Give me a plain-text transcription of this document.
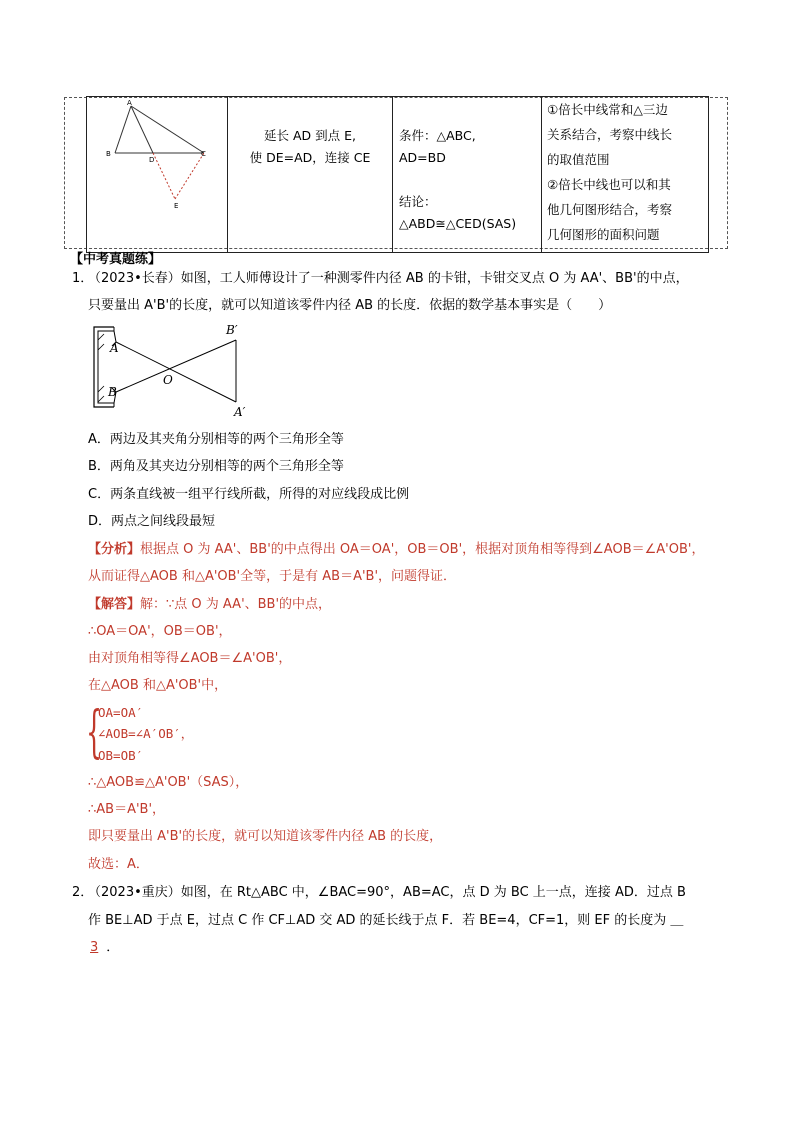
A
B
D
C
E

延长 AD 到点 E,
使 DE=AD，连接 CE

条件：△ABC,
AD=BD
结论：
△ABD≅△CED(SAS)

①倍长中线常和△三边
关系结合，考察中线长
的取值范围
②倍长中线也可以和其
他几何图形结合，考察
几何图形的面积问题
【中考真题练】
1．
（2023•长春）如图，工人师傅设计了一种测零件内径 AB 的卡钳，卡钳交叉点 O 为 AA'、BB'的中点，
只要量出 A'B'的长度，就可以知道该零件内径 AB 的长度．依据的数学基本事实是（　　）
A
B
O
B′
A′
A．两边及其夹角分别相等的两个三角形全等
B．两角及其夹边分别相等的两个三角形全等
C．两条直线被一组平行线所截，所得的对应线段成比例
D．两点之间线段最短
【分析】根据点 O 为 AA'、BB'的中点得出 OA＝OA'，OB＝OB'，根据对顶角相等得到∠AOB＝∠A'OB'，
从而证得△AOB 和△A'OB'全等，于是有 AB＝A'B'，问题得证．
【解答】解：∵点 O 为 AA'、BB'的中点，
∴OA＝OA'，OB＝OB'，
由对顶角相等得∠AOB＝∠A'OB'，
在△AOB 和△A'OB'中，
{
OA=OA′
∠AOB=∠A′OB′，
OB=OB′
∴△AOB≌△A'OB'（SAS），
∴AB＝A'B'，
即只要量出 A'B'的长度，就可以知道该零件内径 AB 的长度，
故选：A．
2．
（2023•重庆）如图，在 Rt△ABC 中，∠BAC=90°，AB=AC，点 D 为 BC 上一点，连接 AD．过点 B
作 BE⊥AD 于点 E，过点 C 作 CF⊥AD 交 AD 的延长线于点 F．若 BE=4，CF=1，则 EF 的长度为 ＿
3 ．
